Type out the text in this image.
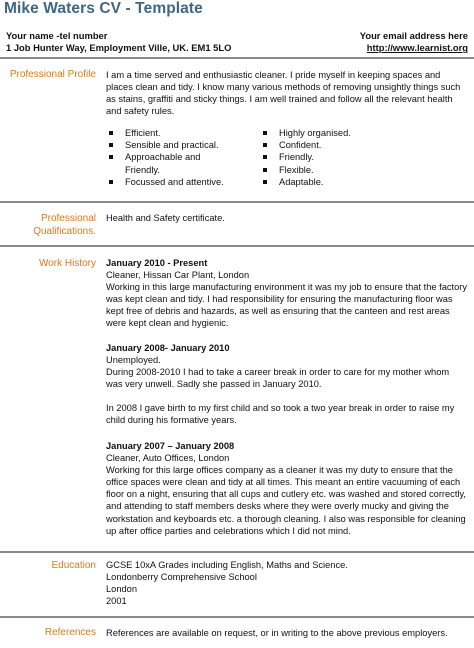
Mike Waters CV - Template
Your name -tel number
1 Job Hunter Way, Employment Ville, UK. EM1 5LO
Your email address here
http://www.learnist.org
Professional Profile I am a time served and enthusiastic cleaner. I pride myself in keeping spaces and places clean and tidy. I know many various methods of removing unsightly things such as stains, graffiti and sticky things. I am well trained and follow all the relevant health and safety rules.

Efficient.
Sensible and practical.
Approachable and Friendly.
Focussed and attentive.
Highly organised.
Confident.
Friendly.
Flexible.
Adaptable.
Professional
Qualifications.
Health and Safety certificate.
Work History January 2010 - Present
Cleaner, Hissan Car Plant, London

Working in this large manufacturing environment it was my job to ensure that the factory was kept clean and tidy. I had responsibility for ensuring the manufacturing floor was kept free of debris and hazards, as well as ensuring that the canteen and rest areas were kept clean and hygienic.

January 2008- January 2010
Unemployed.

During 2008-2010 I had to take a career break in order to care for my mother whom was very unwell. Sadly she passed in January 2010.

In 2008 I gave birth to my first child and so took a two year break in order to raise my child during his formative years.

January 2007 – January 2008
Cleaner, Auto Offices, London

Working for this large offices company as a cleaner it was my duty to ensure that the office spaces were clean and tidy at all times. This meant an entire vacuuming of each floor on a night, ensuring that all cups and cutlery etc. was washed and stored correctly, and attending to staff members desks where they were overly mucky and giving the workstation and keyboards etc. a thorough cleaning. I also was responsible for cleaning up after office parties and celebrations which I did not mind.

Education GCSE 10xA Grades including English, Maths and Science.
Londonberry Comprehensive School
London
2001
References References are available on request, or in writing to the above previous employers.
